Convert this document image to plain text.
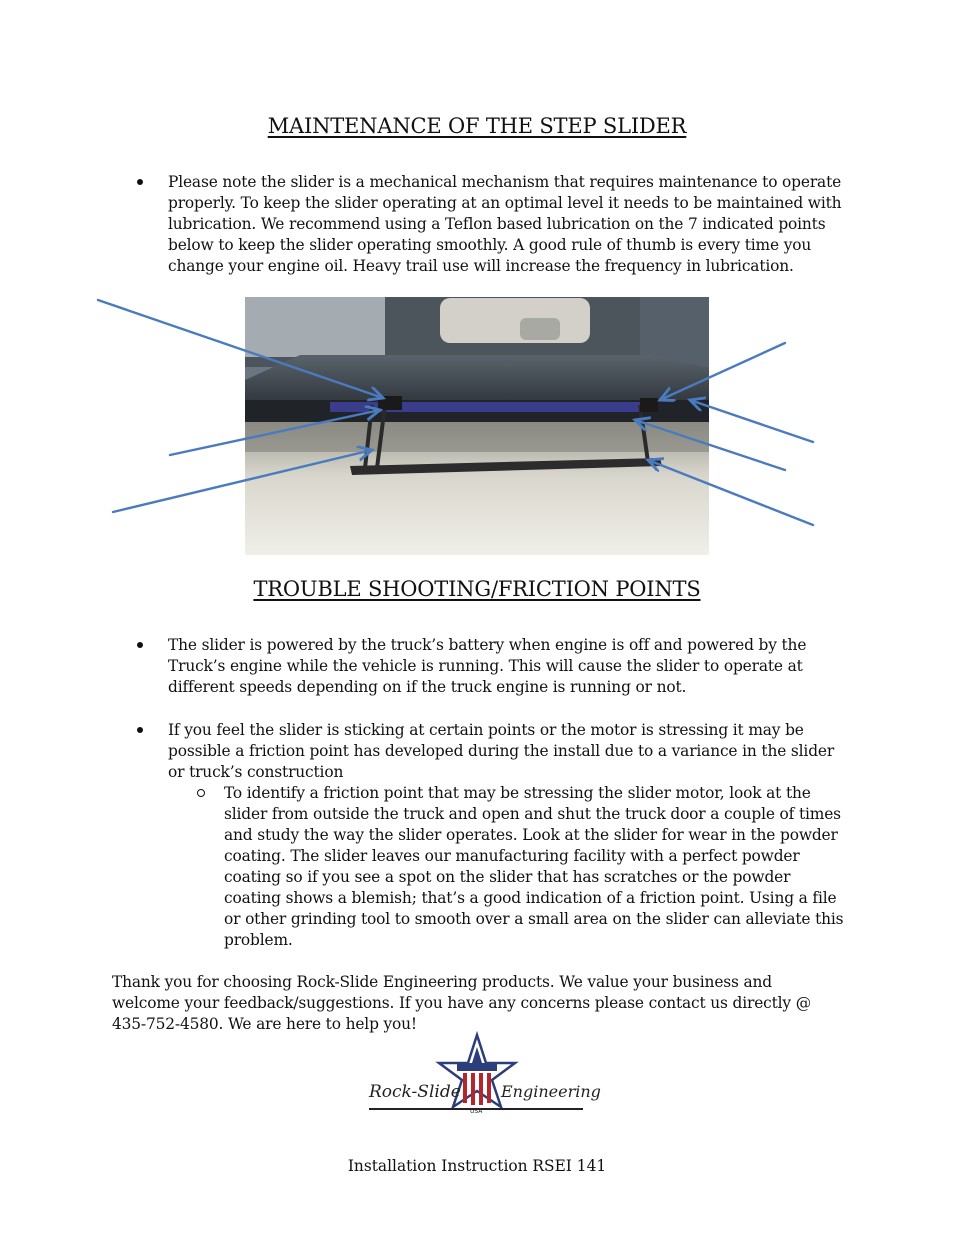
MAINTENANCE OF THE STEP SLIDER
Please note the slider is a mechanical mechanism that requires maintenance to operate properly. To keep the slider operating at an optimal level it needs to be maintained with lubrication. We recommend using a Teflon based lubrication on the 7 indicated points below to keep the slider operating smoothly. A good rule of thumb is every time you change your engine oil. Heavy trail use will increase the frequency in lubrication.
TROUBLE SHOOTING/FRICTION POINTS
The slider is powered by the truck’s battery when engine is off and powered by the Truck’s engine while the vehicle is running. This will cause the slider to operate at different speeds depending on if the truck engine is running or not.
If you feel the slider is sticking at certain points or the motor is stressing it may be possible a friction point has developed during the install due to a variance in the slider or truck’s construction
To identify a friction point that may be stressing the slider motor, look at the slider from outside the truck and open and shut the truck door a couple of times and study the way the slider operates. Look at the slider for wear in the powder coating. The slider leaves our manufacturing facility with a perfect powder coating so if you see a spot on the slider that has scratches or the powder coating shows a blemish; that’s a good indication of a friction point. Using a file or other grinding tool to smooth over a small area on the slider can alleviate this problem.
Thank you for choosing Rock-Slide Engineering products. We value your business and welcome your feedback/suggestions. If you have any concerns please contact us directly @ 435-752-4580. We are here to help you!
Rock-Slide	Engineering
USA
Installation Instruction RSEI 141
